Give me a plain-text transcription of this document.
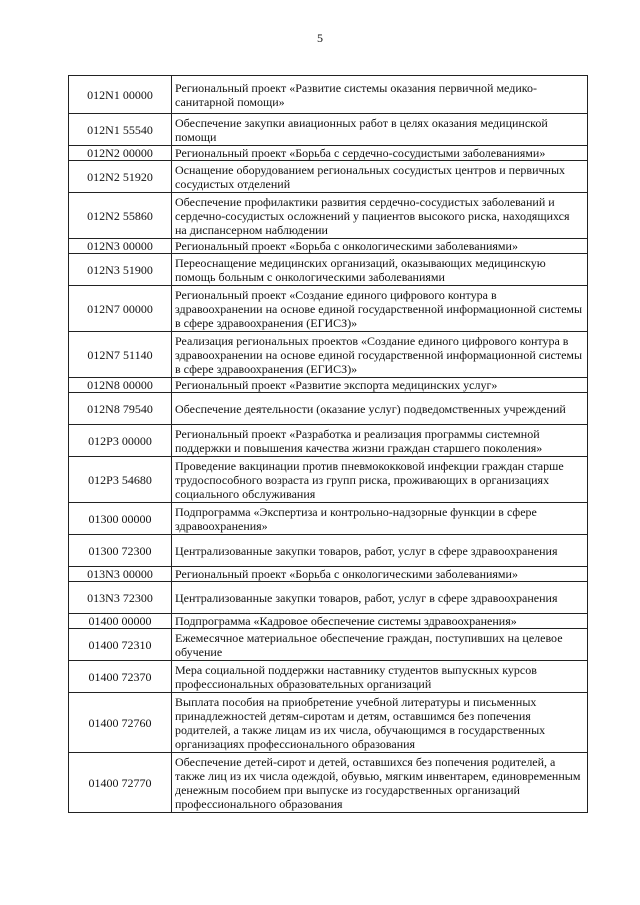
5
012N1 00000	Региональный проект «Развитие системы оказания первичной медико-санитарной помощи»
012N1 55540	Обеспечение закупки авиационных работ в целях оказания медицинской помощи
012N2 00000	Региональный проект «Борьба с сердечно-сосудистыми заболеваниями»
012N2 51920	Оснащение оборудованием региональных сосудистых центров и первичных сосудистых отделений
012N2 55860	Обеспечение профилактики развития сердечно-сосудистых заболеваний и сердечно-сосудистых осложнений у пациентов высокого риска, находящихся на диспансерном наблюдении
012N3 00000	Региональный проект «Борьба с онкологическими заболеваниями»
012N3 51900	Переоснащение медицинских организаций, оказывающих медицинскую помощь больным с онкологическими заболеваниями
012N7 00000	Региональный проект «Создание единого цифрового контура в здравоохранении на основе единой государственной информационной системы в сфере здравоохранения (ЕГИСЗ)»
012N7 51140	Реализация региональных проектов «Создание единого цифрового контура в здравоохранении на основе единой государственной информационной системы в сфере здравоохранения (ЕГИСЗ)»
012N8 00000	Региональный проект «Развитие экспорта медицинских услуг»
012N8 79540	Обеспечение деятельности (оказание услуг) подведомственных учреждений
012P3 00000	Региональный проект «Разработка и реализация программы системной поддержки и повышения качества жизни граждан старшего поколения»
012P3 54680	Проведение вакцинации против пневмококковой инфекции граждан старше трудоспособного возраста из групп риска, проживающих в организациях социального обслуживания
01300 00000	Подпрограмма «Экспертиза и контрольно-надзорные функции в сфере здравоохранения»
01300 72300	Централизованные закупки товаров, работ, услуг в сфере здравоохранения
013N3 00000	Региональный проект «Борьба с онкологическими заболеваниями»
013N3 72300	Централизованные закупки товаров, работ, услуг в сфере здравоохранения
01400 00000	Подпрограмма «Кадровое обеспечение системы здравоохранения»
01400 72310	Ежемесячное материальное обеспечение граждан, поступивших на целевое обучение
01400 72370	Мера социальной поддержки наставнику студентов выпускных курсов профессиональных образовательных организаций
01400 72760	Выплата пособия на приобретение учебной литературы и письменных принадлежностей детям-сиротам и детям, оставшимся без попечения родителей, а также лицам из их числа, обучающимся в государственных организациях профессионального образования
01400 72770	Обеспечение детей-сирот и детей, оставшихся без попечения родителей, а также лиц из их числа одеждой, обувью, мягким инвентарем, единовременным денежным пособием при выпуске из государственных организаций профессионального образования
